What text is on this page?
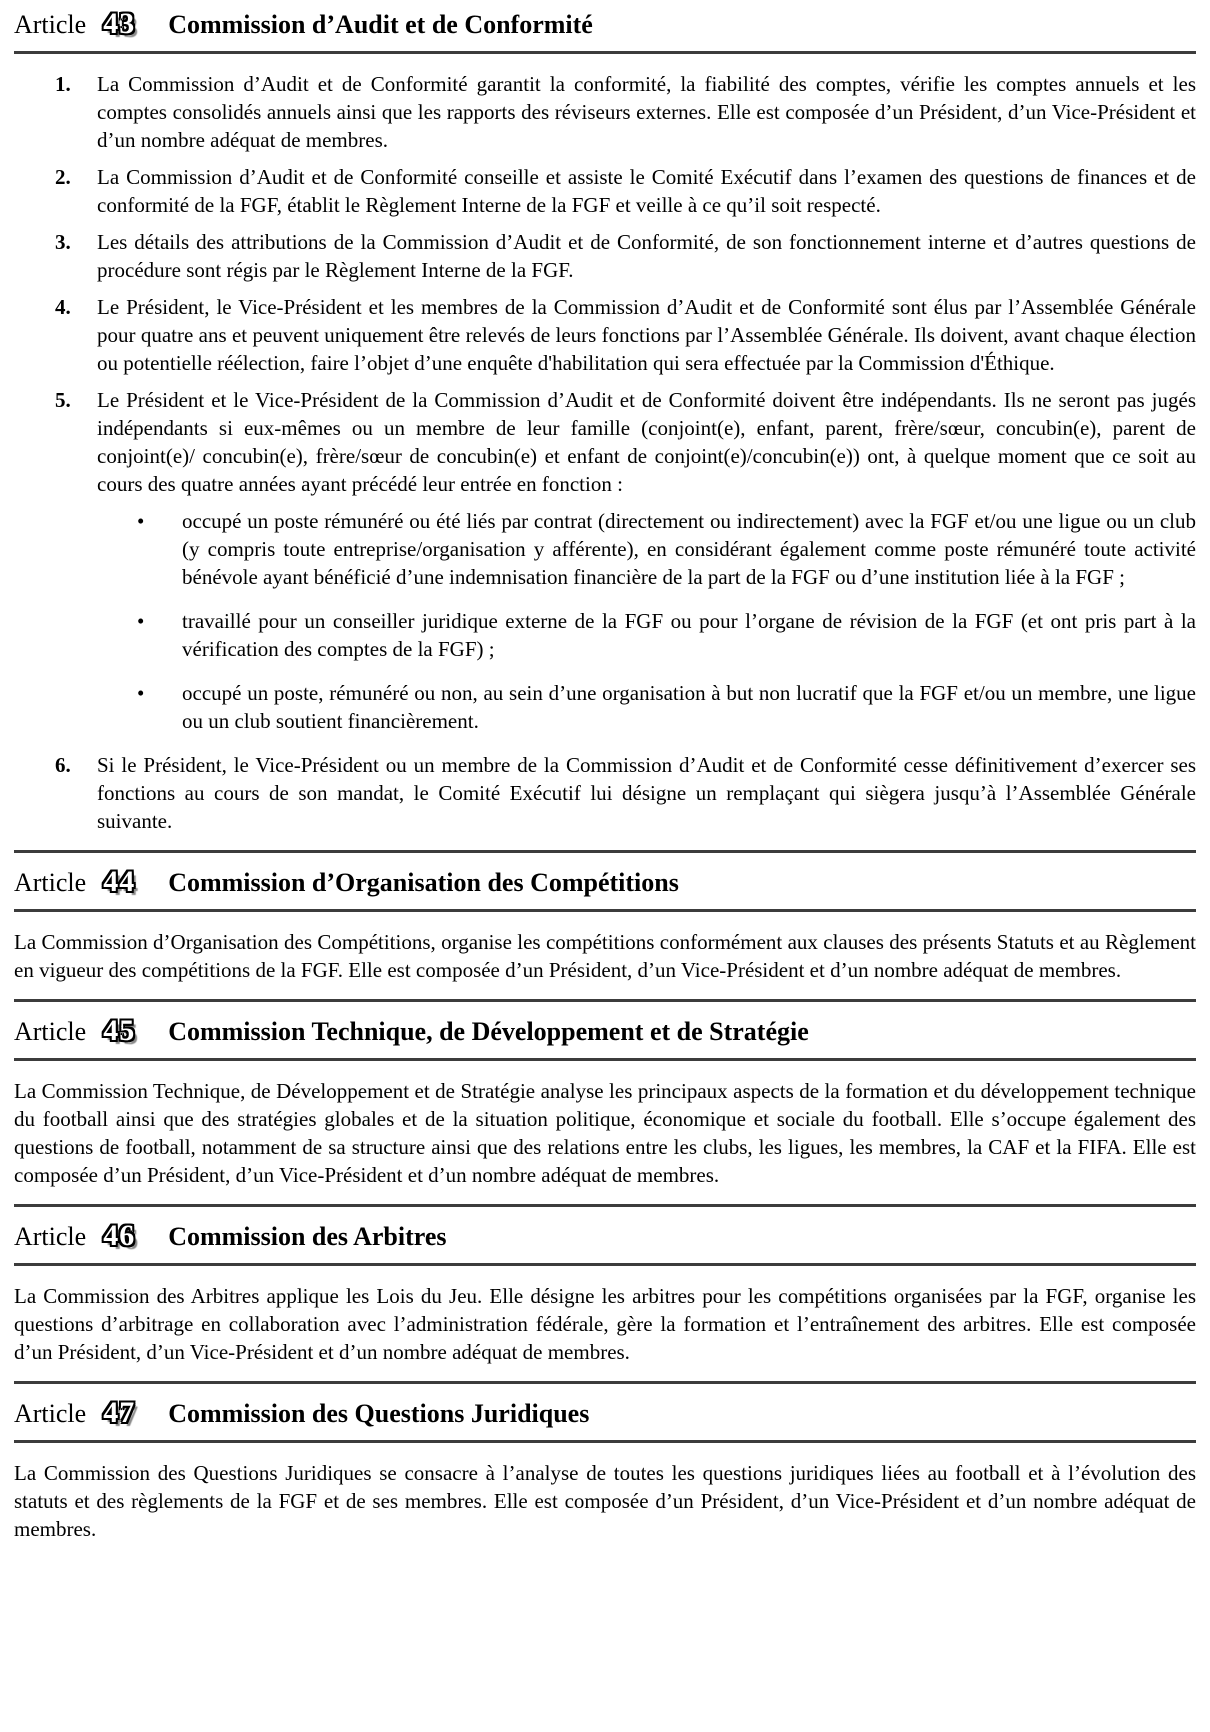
Article 43 Commission d’Audit et de Conformité
1.	La Commission d’Audit et de Conformité garantit la conformité, la fiabilité des comptes, vérifie les comptes annuels et les comptes consolidés annuels ainsi que les rapports des réviseurs externes. Elle est composée d’un Président, d’un Vice-Président et d’un nombre adéquat de membres.

2.	La Commission d’Audit et de Conformité conseille et assiste le Comité Exécutif dans l’examen des questions de finances et de conformité de la FGF, établit le Règlement Interne de la FGF et veille à ce qu’il soit respecté.

3.	Les détails des attributions de la Commission d’Audit et de Conformité, de son fonctionnement interne et d’autres questions de procédure sont régis par le Règlement Interne de la FGF.

4.	Le Président, le Vice-Président et les membres de la Commission d’Audit et de Conformité sont élus par l’Assemblée Générale pour quatre ans et peuvent uniquement être relevés de leurs fonctions par l’Assemblée Générale. Ils doivent, avant chaque élection ou potentielle réélection, faire l’objet d’une enquête d'habilitation qui sera effectuée par la Commission d'Éthique.

5.	Le Président et le Vice-Président de la Commission d’Audit et de Conformité doivent être indépendants. Ils ne seront pas jugés indépendants si eux-mêmes ou un membre de leur famille (conjoint(e), enfant, parent, frère/sœur, concubin(e), parent de conjoint(e)/ concubin(e), frère/sœur de concubin(e) et enfant de conjoint(e)/concubin(e)) ont, à quelque moment que ce soit au cours des quatre années ayant précédé leur entrée en fonction :

• occupé un poste rémunéré ou été liés par contrat (directement ou indirectement) avec la FGF et/ou une ligue ou un club (y compris toute entreprise/organisation y afférente), en considérant également comme poste rémunéré toute activité bénévole ayant bénéficié d’une indemnisation financière de la part de la FGF ou d’une institution liée à la FGF ;

• travaillé pour un conseiller juridique externe de la FGF ou pour l’organe de révision de la FGF (et ont pris part à la vérification des comptes de la FGF) ;

• occupé un poste, rémunéré ou non, au sein d’une organisation à but non lucratif que la FGF et/ou un membre, une ligue ou un club soutient financièrement.

6.	Si le Président, le Vice-Président ou un membre de la Commission d’Audit et de Conformité cesse définitivement d’exercer ses fonctions au cours de son mandat, le Comité Exécutif lui désigne un remplaçant qui siègera jusqu’à l’Assemblée Générale suivante.

Article 44 Commission d’Organisation des Compétitions

La Commission d’Organisation des Compétitions, organise les compétitions conformément aux clauses des présents Statuts et au Règlement en vigueur des compétitions de la FGF. Elle est composée d’un Président, d’un Vice-Président et d’un nombre adéquat de membres.

Article 45 Commission Technique, de Développement et de Stratégie

La Commission Technique, de Développement et de Stratégie analyse les principaux aspects de la formation et du développement technique du football ainsi que des stratégies globales et de la situation politique, économique et sociale du football. Elle s’occupe également des questions de football, notamment de sa structure ainsi que des relations entre les clubs, les ligues, les membres, la CAF et la FIFA. Elle est composée d’un Président, d’un Vice-Président et d’un nombre adéquat de membres.

Article 46 Commission des Arbitres

La Commission des Arbitres applique les Lois du Jeu. Elle désigne les arbitres pour les compétitions organisées par la FGF, organise les questions d’arbitrage en collaboration avec l’administration fédérale, gère la formation et l’entraînement des arbitres. Elle est composée d’un Président, d’un Vice-Président et d’un nombre adéquat de membres.

Article 47 Commission des Questions Juridiques

La Commission des Questions Juridiques se consacre à l’analyse de toutes les questions juridiques liées au football et à l’évolution des statuts et des règlements de la FGF et de ses membres. Elle est composée d’un Président, d’un Vice-Président et d’un nombre adéquat de membres.
